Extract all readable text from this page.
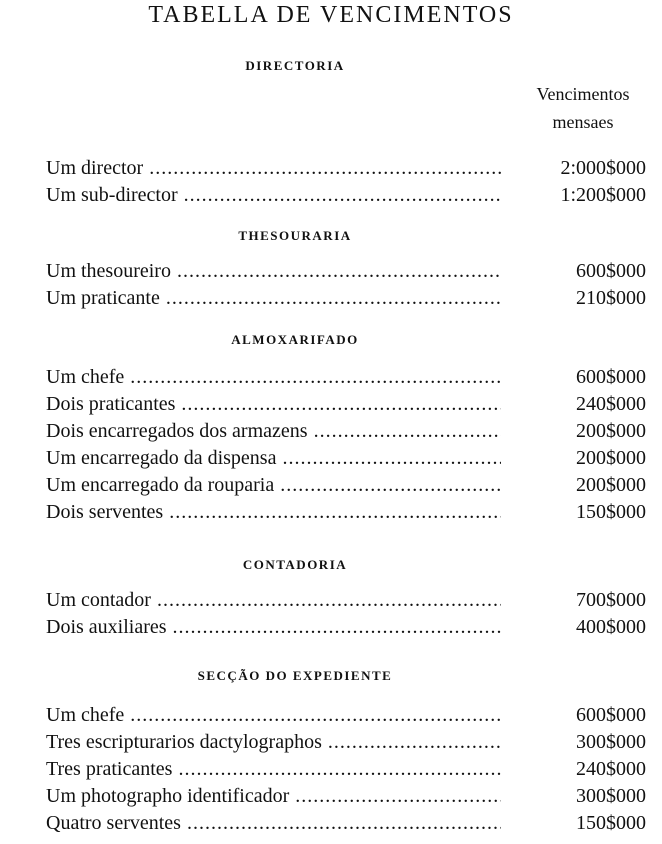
TABELLA DE VENCIMENTOS
Vencimentos
mensaes
DIRECTORIA
Um director .....	2:000$000
Um sub-director .....	1:200$000
THESOURARIA
Um thesoureiro .....	600$000
Um praticante .....	210$000
ALMOXARIFADO
Um chefe .....	600$000
Dois praticantes .....	240$000
Dois encarregados dos armazens .....	200$000
Um encarregado da dispensa .....	200$000
Um encarregado da rouparia .....	200$000
Dois serventes .....	150$000
CONTADORIA
Um contador .....	700$000
Dois auxiliares .....	400$000
SECÇÃO DO EXPEDIENTE
Um chefe .....	600$000
Tres escripturarios dactylographos .....	300$000
Tres praticantes .....	240$000
Um photographo identificador .....	300$000
Quatro serventes .....	150$000
